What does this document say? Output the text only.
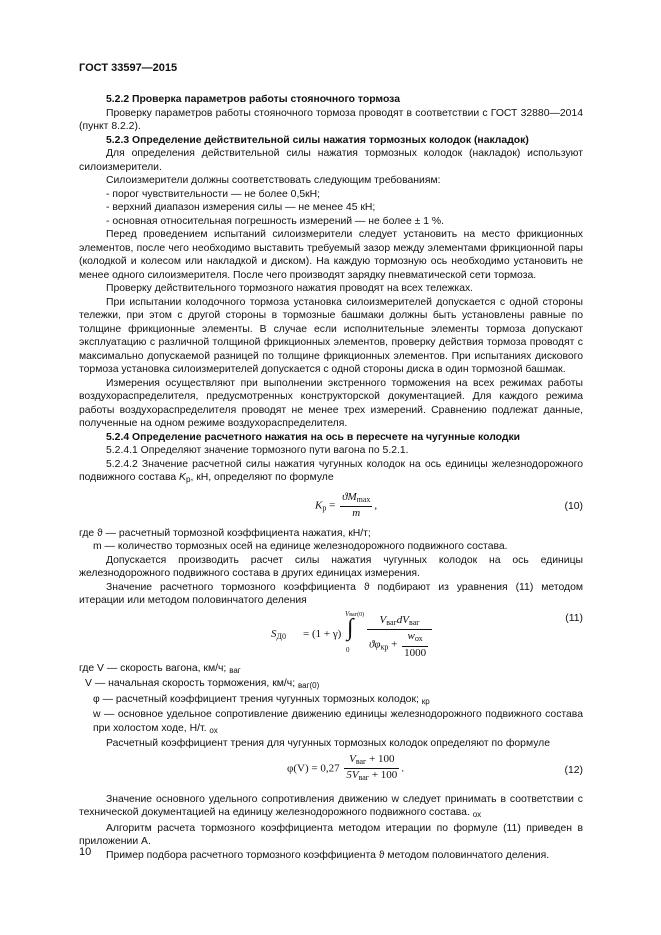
ГОСТ 33597—2015

5.2.2 Проверка параметров работы стояночного тормоза

Проверку параметров работы стояночного тормоза проводят в соответствии с ГОСТ 32880—2014 (пункт 8.2.2).

5.2.3 Определение действительной силы нажатия тормозных колодок (накладок)

Для определения действительной силы нажатия тормозных колодок (накладок) используют силоизмерители.

Силоизмерители должны соответствовать следующим требованиям:

- порог чувствительности — не более 0,5кН;

- верхний диапазон измерения силы — не менее 45 кН;

- основная относительная погрешность измерений — не более ± 1 %.

Перед проведением испытаний силоизмерители следует установить на место фрикционных элементов, после чего необходимо выставить требуемый зазор между элементами фрикционной пары (колодкой и колесом или накладкой и диском). На каждую тормозную ось необходимо установить не менее одного силоизмерителя. После чего производят зарядку пневматической сети тормоза.

Проверку действительного тормозного нажатия проводят на всех тележках.

При испытании колодочного тормоза установка силоизмерителей допускается с одной стороны тележки, при этом с другой стороны в тормозные башмаки должны быть установлены равные по толщине фрикционные элементы. В случае если исполнительные элементы тормоза допускают эксплуатацию с различной толщиной фрикционных элементов, проверку действия тормоза проводят с максимально допускаемой разницей по толщине фрикционных элементов. При испытаниях дискового тормоза установка силоизмерителей допускается с одной стороны диска в один тормозной башмак.

Измерения осуществляют при выполнении экстренного торможения на всех режимах работы воздухораспределителя, предусмотренных конструкторской документацией. Для каждого режима работы воздухораспределителя проводят не менее трех измерений. Сравнению подлежат данные, полученные на одном режиме воздухораспределителя.

5.2.4 Определение расчетного нажатия на ось в пересчете на чугунные колодки

5.2.4.1 Определяют значение тормозного пути вагона по 5.2.1.

5.2.4.2 Значение расчетной силы нажатия чугунных колодок на ось единицы железнодорожного подвижного состава $K_р$, кН, определяют по формуле

$K_р = \frac{ϑM_{max}}{m}$ ,	(10)

где ϑ — расчетный тормозной коэффициента нажатия, кН/т;

m — количество тормозных осей на единице железнодорожного подвижного состава.

Допускается производить расчет силы нажатия чугунных колодок на ось единицы железнодорожного подвижного состава в других единицах измерения.

Значение расчетного тормозного коэффициента ϑ подбирают из уравнения (11) методом итерации или методом половинчатого деления

$S_{Д0} = (1 + \gamma)$
Vваг(0)
∫
0
$V_{ваг}dV_{ваг}$
$ϑ\varphi_{кр} + \frac{w_{ох}}{1000}$
(11)

где V — скорость вагона, км/ч; $_{ваг}$

V — начальная скорость торможения, км/ч; $_{ваг(0)}$

φ — расчетный коэффициент трения чугунных тормозных колодок; $_{кр}$

w — основное удельное сопротивление движению единицы железнодорожного подвижного состава при холостом ходе, Н/т. $_{ох}$

Расчетный коэффициент трения для чугунных тормозных колодок определяют по формуле

$\varphi(V) = 0,27 \frac{V_{ваг} + 100}{5V_{ваг} + 100}$ .	(12)

Значение основного удельного сопротивления движению w следует принимать в соответствии с технической документацией на единицу железнодорожного подвижного состава. $_{ох}$

Алгоритм расчета тормозного коэффициента методом итерации по формуле (11) приведен в приложении А.

Пример подбора расчетного тормозного коэффициента ϑ методом половинчатого деления.

10
